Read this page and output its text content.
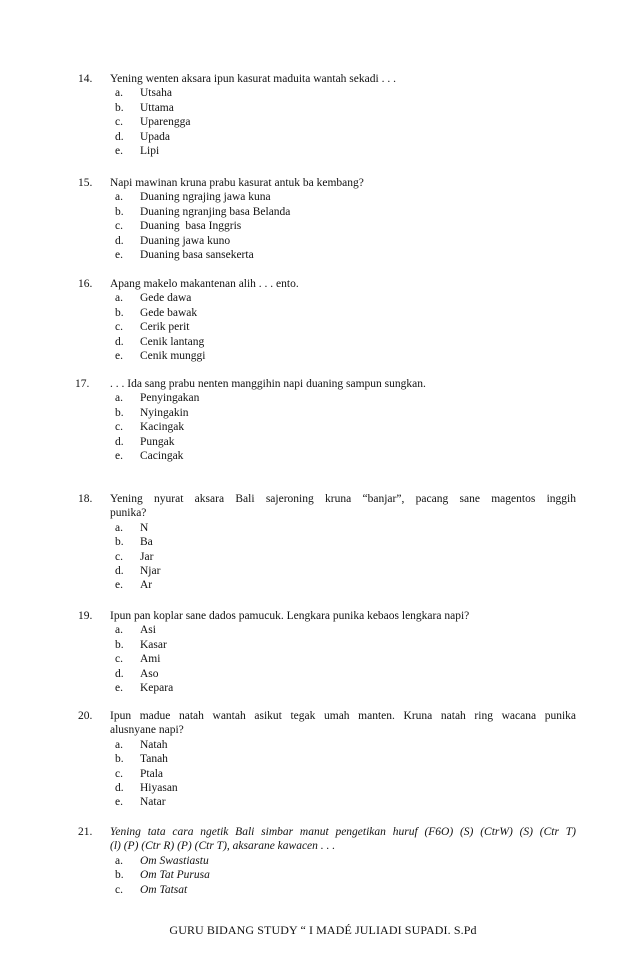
14. Yening wenten aksara ipun kasurat maduita wantah sekadi . . .
a. Utsaha
b. Uttama
c. Uparengga
d. Upada
e. Lipi
15. Napi mawinan kruna prabu kasurat antuk ba kembang?
a. Duaning ngrajing jawa kuna
b. Duaning ngranjing basa Belanda
c. Duaning  basa Inggris
d. Duaning jawa kuno
e. Duaning basa sansekerta
16. Apang makelo makantenan alih . . . ento.
a. Gede dawa
b. Gede bawak
c. Cerik perit
d. Cenik lantang
e. Cenik munggi
17. . . . Ida sang prabu nenten manggihin napi duaning sampun sungkan.
a. Penyingakan
b. Nyingakin
c. Kacingak
d. Pungak
e. Cacingak
18. Yening nyurat aksara Bali sajeroning kruna “banjar”, pacang sane magentos inggih
punika?
a. N
b. Ba
c. Jar
d. Njar
e. Ar
19. Ipun pan koplar sane dados pamucuk. Lengkara punika kebaos lengkara napi?
a. Asi
b. Kasar
c. Ami
d. Aso
e. Kepara
20. Ipun madue natah wantah asikut tegak umah manten. Kruna natah ring wacana punika
alusnyane napi?
a. Natah
b. Tanah
c. Ptala
d. Hiyasan
e. Natar
21. Yening tata cara ngetik Bali simbar manut pengetikan huruf (F6O) (S) (CtrW) (S) (Ctr T)
(l) (P) (Ctr R) (P) (Ctr T), aksarane kawacen . . .
a. Om Swastiastu
b. Om Tat Purusa
c. Om Tatsat
GURU BIDANG STUDY “ I MADÉ JULIADI SUPADI. S.Pd
